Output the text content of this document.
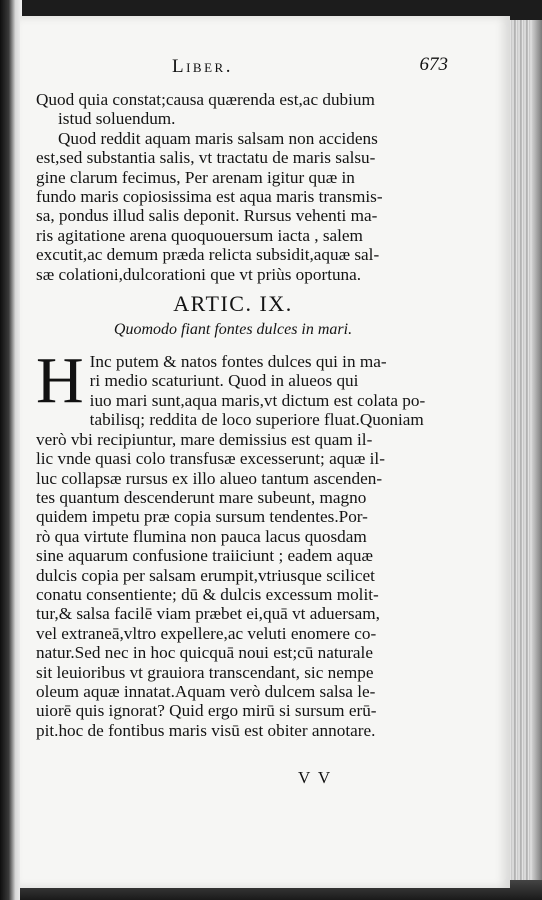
Liber.	673
Quod quia constat;causa quærenda est,ac dubium
istud soluendum.
Quod reddit aquam maris salsam non accidens
est,sed substantia salis, vt tractatu de maris salsu-
gine clarum fecimus, Per arenam igitur quæ in
fundo maris copiosissima est aqua maris transmis-
sa, pondus illud salis deponit. Rursus vehenti ma-
ris agitatione arena quoquouersum iacta , salem
excutit,ac demum præda relicta subsidit,aquæ sal-
sæ colationi,dulcorationi que vt priùs oportuna.
ARTIC. IX.
Quomodo fiant fontes dulces in mari.
H Inc putem & natos fontes dulces qui in ma-
ri medio scaturiunt. Quod in alueos qui
iuo mari sunt,aqua maris,vt dictum est colata po-
tabilisq; reddita de loco superiore fluat.Quoniam
verò vbi recipiuntur, mare demissius est quam il-
lic vnde quasi colo transfusæ excesserunt; aquæ il-
luc collapsæ rursus ex illo alueo tantum ascenden-
tes quantum descenderunt mare subeunt, magno
quidem impetu præ copia sursum tendentes.Por-
rò qua virtute flumina non pauca lacus quosdam
sine aquarum confusione traiiciunt ; eadem aquæ
dulcis copia per salsam erumpit,vtriusque scilicet
conatu consentiente; dū & dulcis excessum molit-
tur,& salsa facilē viam præbet ei,quā vt aduersam,
vel extraneā,vltro expellere,ac veluti enomere co-
natur.Sed nec in hoc quicquā noui est;cū naturale
sit leuioribus vt grauiora transcendant, sic nempe
oleum aquæ innatat.Aquam verò dulcem salsa le-
uiorē quis ignorat? Quid ergo mirū si sursum erū-
pit.hoc de fontibus maris visū est obiter annotare.
V V
